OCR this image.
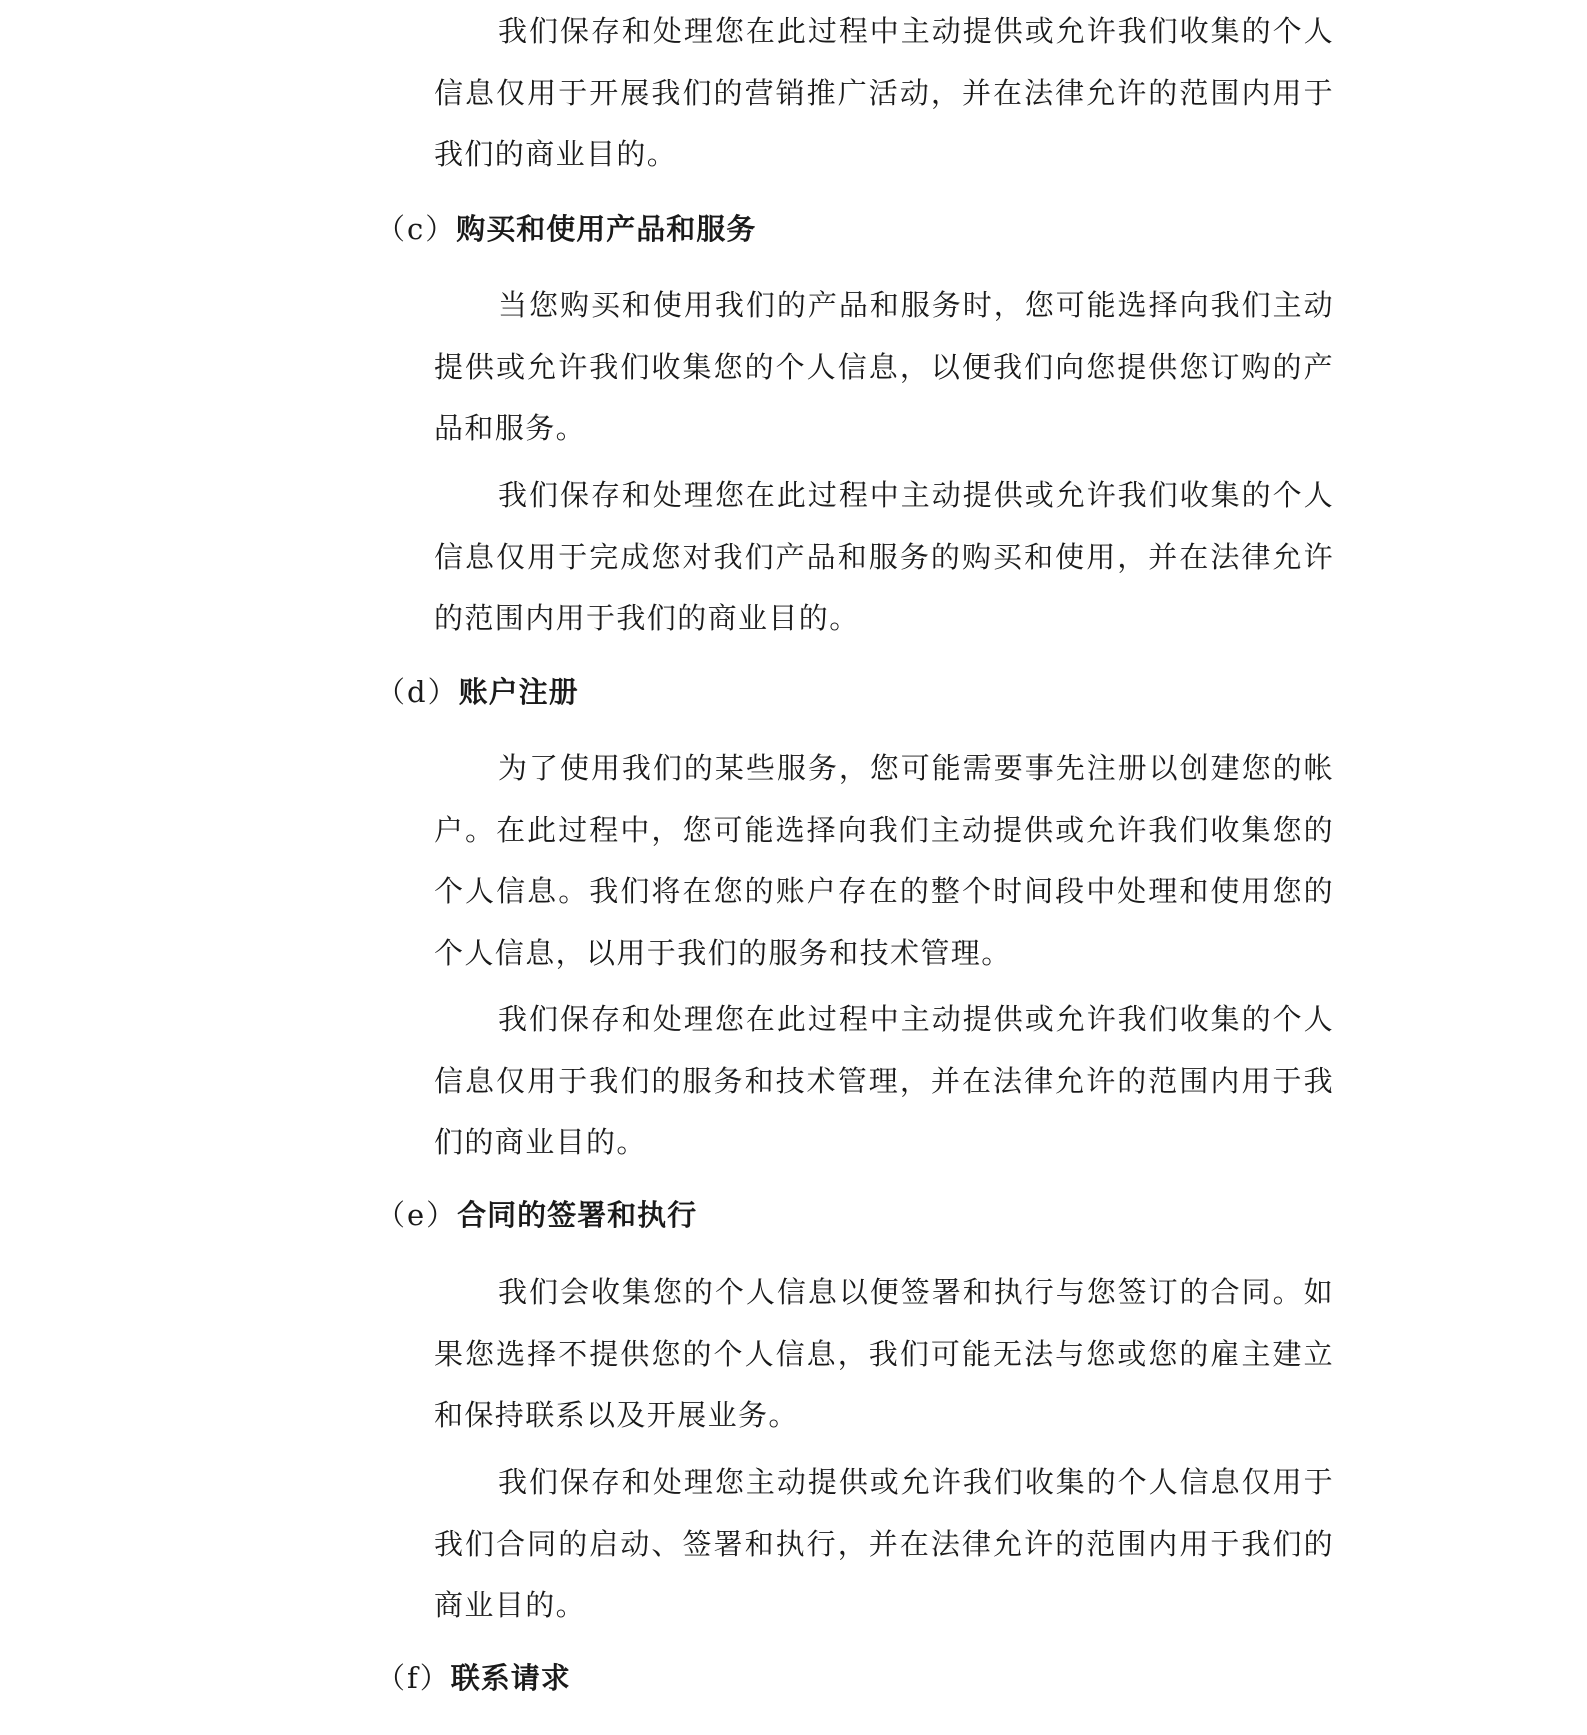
我们保存和处理您在此过程中主动提供或允许我们收集的个人信息仅用于开展我们的营销推广活动，并在法律允许的范围内用于我们的商业目的。

（c）购买和使用产品和服务

当您购买和使用我们的产品和服务时，您可能选择向我们主动提供或允许我们收集您的个人信息，以便我们向您提供您订购的产品和服务。

我们保存和处理您在此过程中主动提供或允许我们收集的个人信息仅用于完成您对我们产品和服务的购买和使用，并在法律允许的范围内用于我们的商业目的。

（d）账户注册

为了使用我们的某些服务，您可能需要事先注册以创建您的帐户。在此过程中，您可能选择向我们主动提供或允许我们收集您的个人信息。我们将在您的账户存在的整个时间段中处理和使用您的个人信息，以用于我们的服务和技术管理。

我们保存和处理您在此过程中主动提供或允许我们收集的个人信息仅用于我们的服务和技术管理，并在法律允许的范围内用于我们的商业目的。

（e）合同的签署和执行

我们会收集您的个人信息以便签署和执行与您签订的合同。如果您选择不提供您的个人信息，我们可能无法与您或您的雇主建立和保持联系以及开展业务。

我们保存和处理您主动提供或允许我们收集的个人信息仅用于我们合同的启动、签署和执行，并在法律允许的范围内用于我们的商业目的。

（f）联系请求
